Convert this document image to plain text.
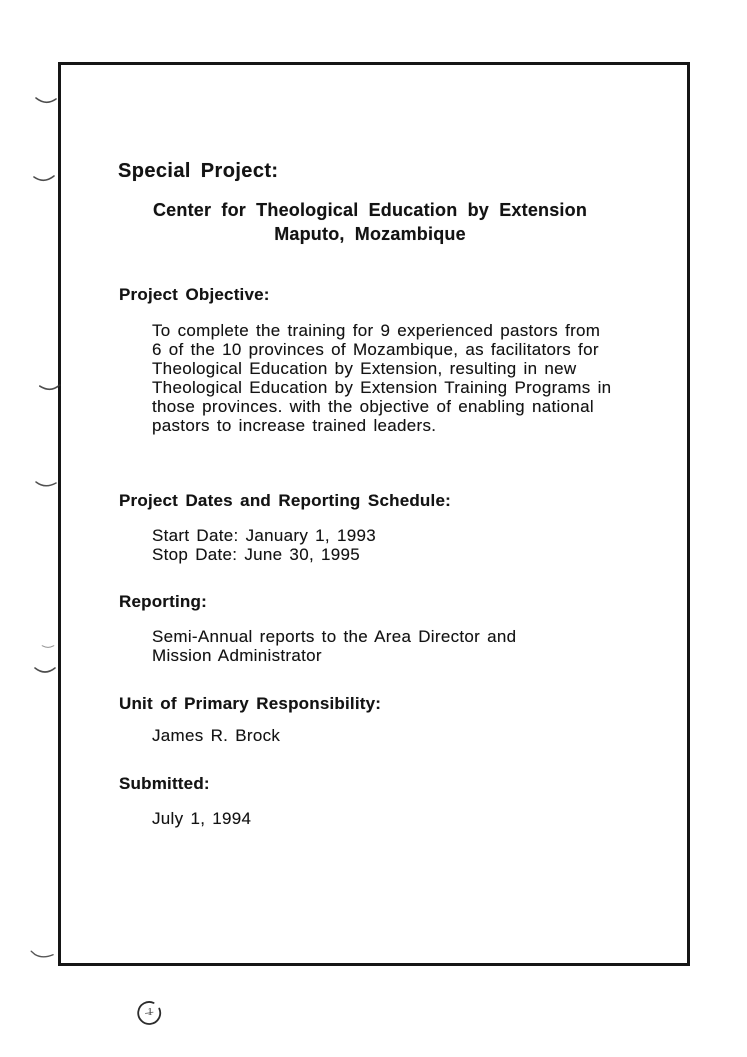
Special Project:
Center for Theological Education by Extension
Maputo, Mozambique
Project Objective:
To complete the training for 9 experienced pastors from
6 of the 10 provinces of Mozambique, as facilitators for
Theological Education by Extension, resulting in new
Theological Education by Extension Training Programs in
those provinces. with the objective of enabling national
pastors to increase trained leaders.
Project Dates and Reporting Schedule:
Start Date: January 1, 1993
Stop Date: June 30, 1995
Reporting:
Semi-Annual reports to the Area Director and
Mission Administrator
Unit of Primary Responsibility:
James R. Brock
Submitted:
July 1, 1994
1
